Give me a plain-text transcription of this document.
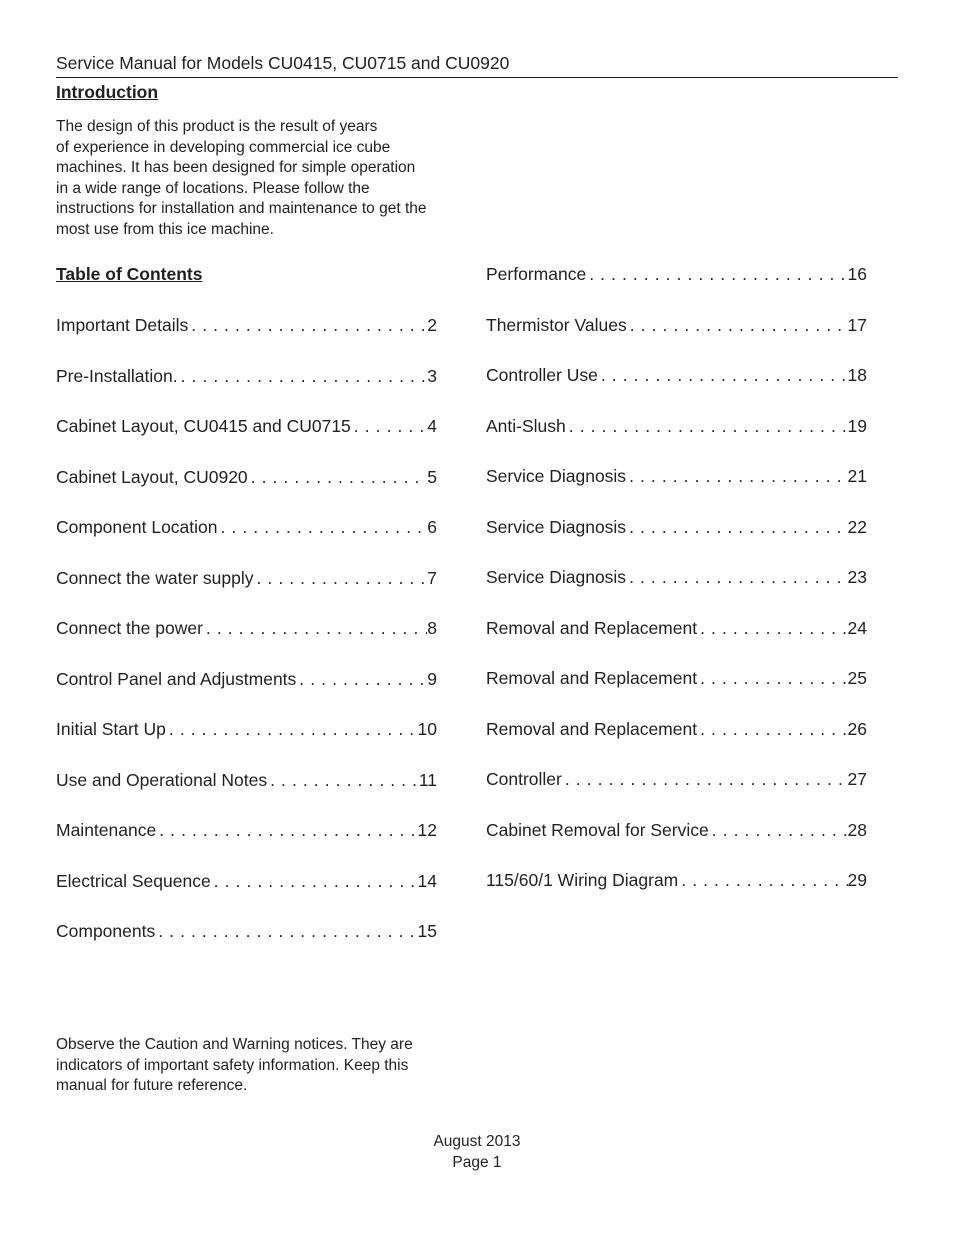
Service Manual for Models CU0415, CU0715 and CU0920
Introduction
The design of this product is the result of years
of experience in developing commercial ice cube
machines. It has been designed for simple operation
in a wide range of locations. Please follow the
instructions for installation and maintenance to get the
most use from this ice machine.
Table of Contents
Important Details . . .	2
Pre-Installation. . . .	3
Cabinet Layout, CU0415 and CU0715 . . .	4
Cabinet Layout, CU0920 . . .	5
Component Location . . .	6
Connect the water supply . . .	7
Connect the power . . .	8
Control Panel and Adjustments . . .	9
Initial Start Up . . .	10
Use and Operational Notes . . .	11
Maintenance . . .	12
Electrical Sequence . . .	14
Components . . .	15
Performance . . .	16
Thermistor Values . . .	17
Controller Use . . .	18
Anti-Slush . . .	19
Service Diagnosis . . .	21
Service Diagnosis . . .	22
Service Diagnosis . . .	23
Removal and Replacement . . .	24
Removal and Replacement . . .	25
Removal and Replacement . . .	26
Controller . . .	27
Cabinet Removal for Service . . .	28
115/60/1 Wiring Diagram . . .	29
Observe the Caution and Warning notices. They are
indicators of important safety information. Keep this
manual for future reference.
August 2013
Page 1
